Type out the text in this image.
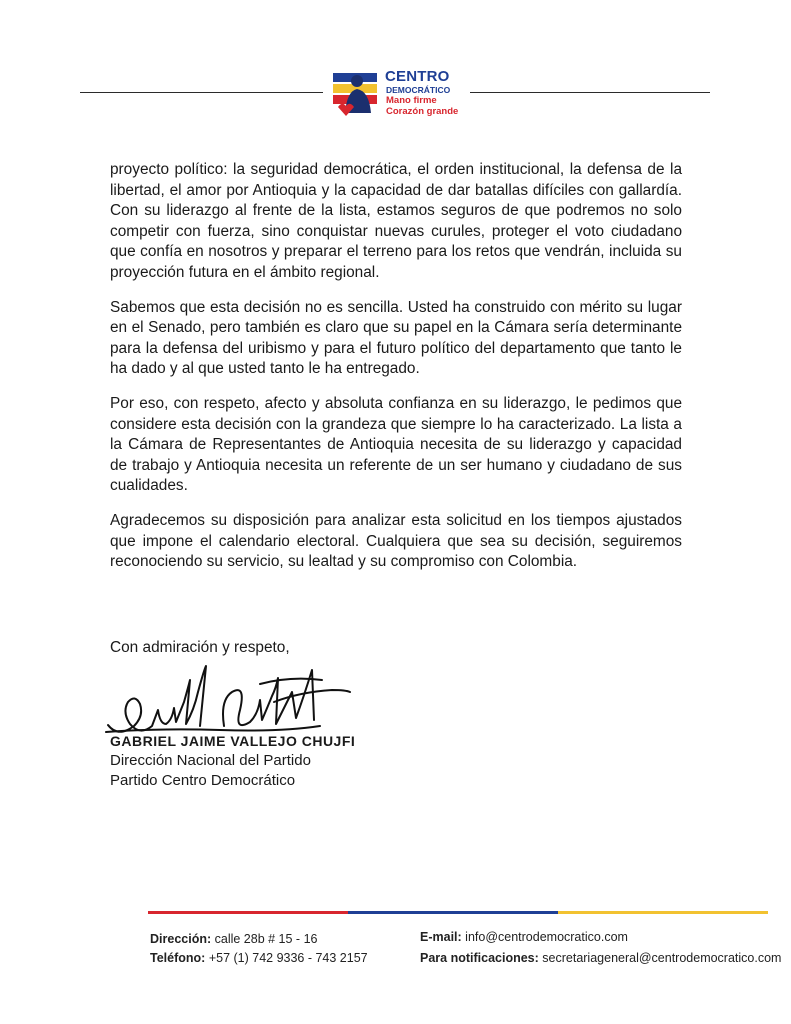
CENTRO
DEMOCRÁTICO
Mano firme
Corazón grande

proyecto político: la seguridad democrática, el orden institucional, la defensa de la libertad, el amor por Antioquia y la capacidad de dar batallas difíciles con gallardía. Con su liderazgo al frente de la lista, estamos seguros de que podremos no solo competir con fuerza, sino conquistar nuevas curules, proteger el voto ciudadano que confía en nosotros y preparar el terreno para los retos que vendrán, incluida su proyección futura en el ámbito regional.

Sabemos que esta decisión no es sencilla. Usted ha construido con mérito su lugar en el Senado, pero también es claro que su papel en la Cámara sería determinante para la defensa del uribismo y para el futuro político del departamento que tanto le ha dado y al que usted tanto le ha entregado.

Por eso, con respeto, afecto y absoluta confianza en su liderazgo, le pedimos que considere esta decisión con la grandeza que siempre lo ha caracterizado. La lista a la Cámara de Representantes de Antioquia necesita de su liderazgo y capacidad de trabajo y Antioquia necesita un referente de un ser humano y ciudadano de sus cualidades.

Agradecemos su disposición para analizar esta solicitud en los tiempos ajustados que impone el calendario electoral. Cualquiera que sea su decisión, seguiremos reconociendo su servicio, su lealtad y su compromiso con Colombia.

Con admiración y respeto,
GABRIEL JAIME VALLEJO CHUJFI
Dirección Nacional del Partido
Partido Centro Democrático
Dirección: calle 28b # 15 - 16
Teléfono: +57 (1) 742 9336 - 743 2157
E-mail: info@centrodemocratico.com
Para notificaciones: secretariageneral@centrodemocratico.com
